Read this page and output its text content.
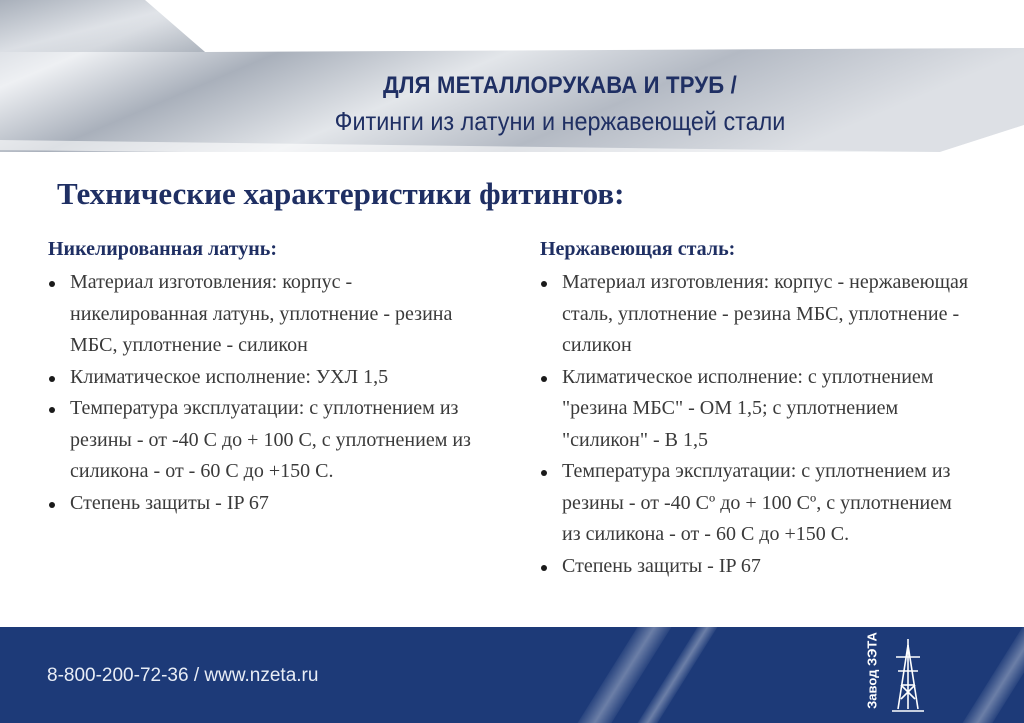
ДЛЯ МЕТАЛЛОРУКАВА И ТРУБ /
Фитинги из латуни и нержавеющей стали
Технические характеристики фитингов:
Никелированная латунь:
Материал изготовления: корпус - никелированная латунь, уплотнение - резина МБС, уплотнение - силикон
Климатическое исполнение: УХЛ 1,5
Температура эксплуатации: с уплотнением из резины - от -40 С до + 100 С, с уплотнением из силикона - от - 60 С до +150 С.
Степень защиты - IP 67
Нержавеющая сталь:
Материал изготовления: корпус - нержавеющая сталь, уплотнение - резина МБС, уплотнение - силикон
Климатическое исполнение: с уплотнением "резина МБС" - ОМ 1,5; с уплотнением "силикон" - В 1,5
Температура эксплуатации: с уплотнением из резины - от -40 Сº до + 100 Сº, с уплотнением из силикона - от - 60 С до +150 С.
Степень защиты - IP 67
8-800-200-72-36 / www.nzeta.ru	Завод ЗЭТА
